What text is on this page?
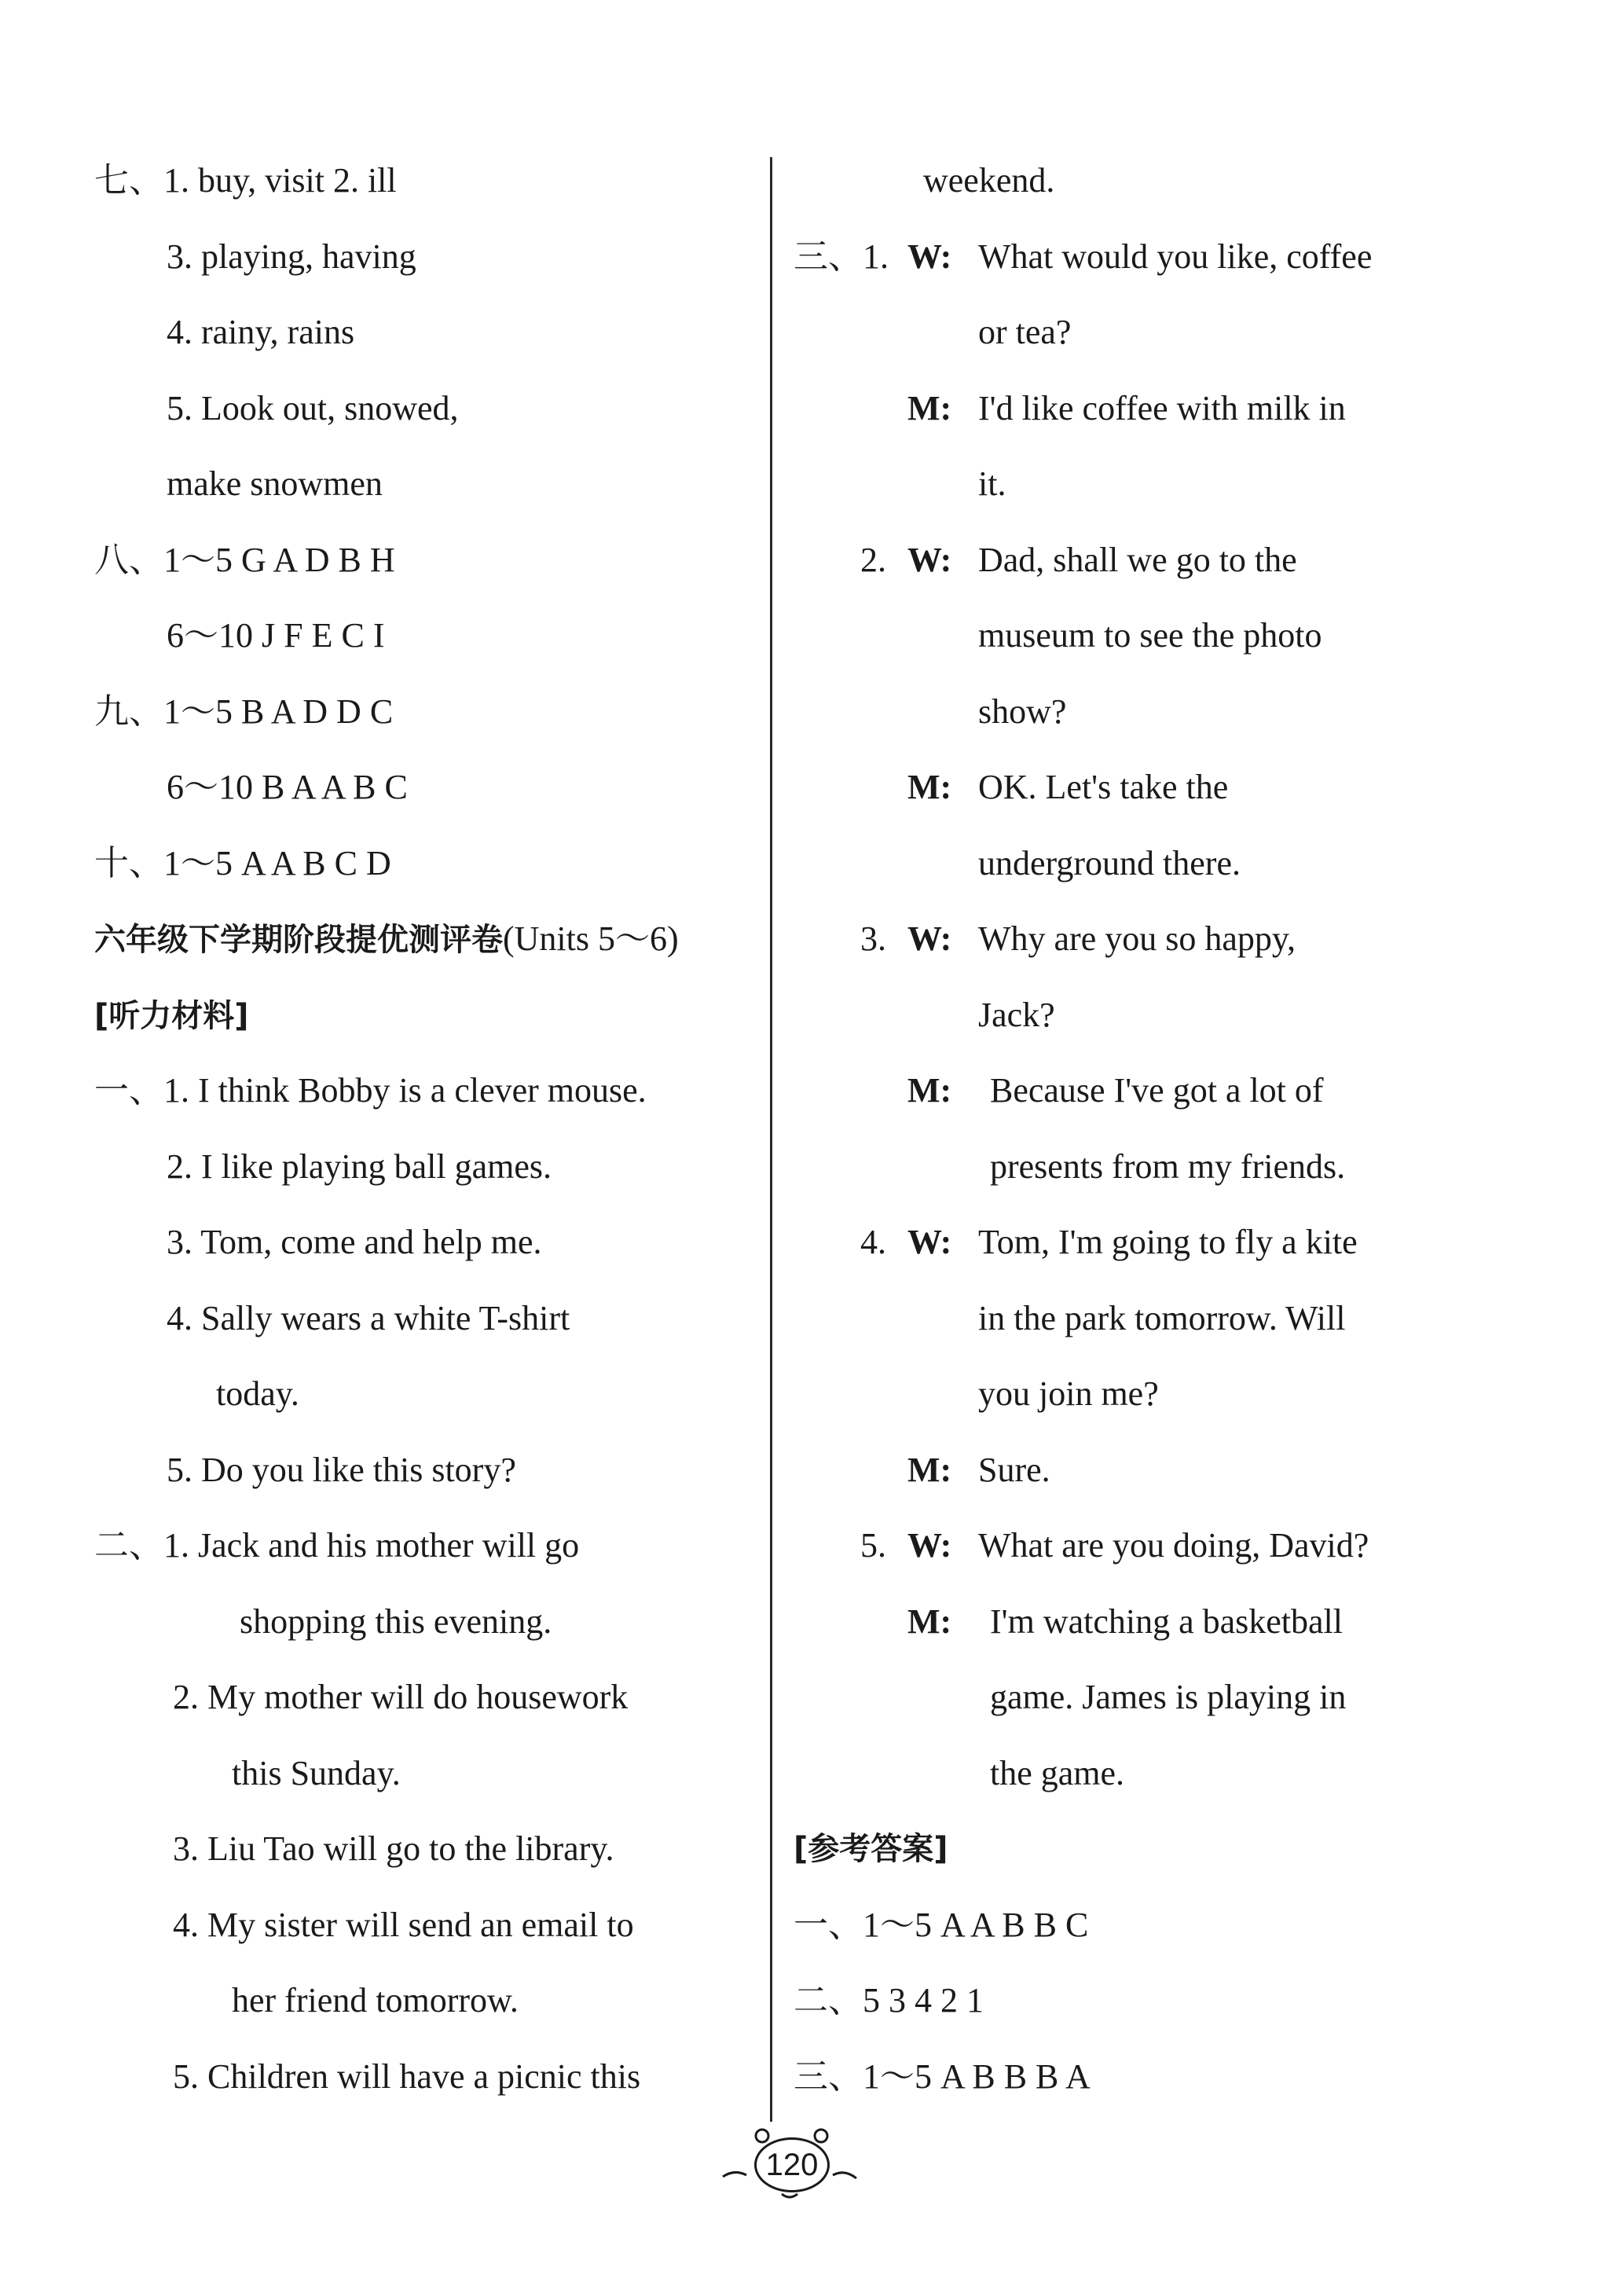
七、1. buy, visit 2. ill
3. playing, having
4. rainy, rains
5. Look out, snowed,
make snowmen
八、1～5 G A D B H
6～10 J F E C I
九、1～5 B A D D C
6～10 B A A B C
十、1～5 A A B C D
六年级下学期阶段提优测评卷(Units 5～6)
[听力材料]
一、1. I think Bobby is a clever mouse.
2. I like playing ball games.
3. Tom, come and help me.
4. Sally wears a white T-shirt
today.
5. Do you like this story?
二、1. Jack and his mother will go
shopping this evening.
2. My mother will do housework
this Sunday.
3. Liu Tao will go to the library.
4. My sister will send an email to
her friend tomorrow.
5. Children will have a picnic this
weekend.
三、1. W: What would you like, coffee
or tea?
M: I'd like coffee with milk in
it.
2. W: Dad, shall we go to the
museum to see the photo
show?
M: OK. Let's take the
underground there.
3. W: Why are you so happy,
Jack?
M: Because I've got a lot of
presents from my friends.
4. W: Tom, I'm going to fly a kite
in the park tomorrow. Will
you join me?
M: Sure.
5. W: What are you doing, David?
M: I'm watching a basketball
game. James is playing in
the game.
[参考答案]
一、1～5 A A B B C
二、5 3 4 2 1
三、1～5 A B B B A
120
